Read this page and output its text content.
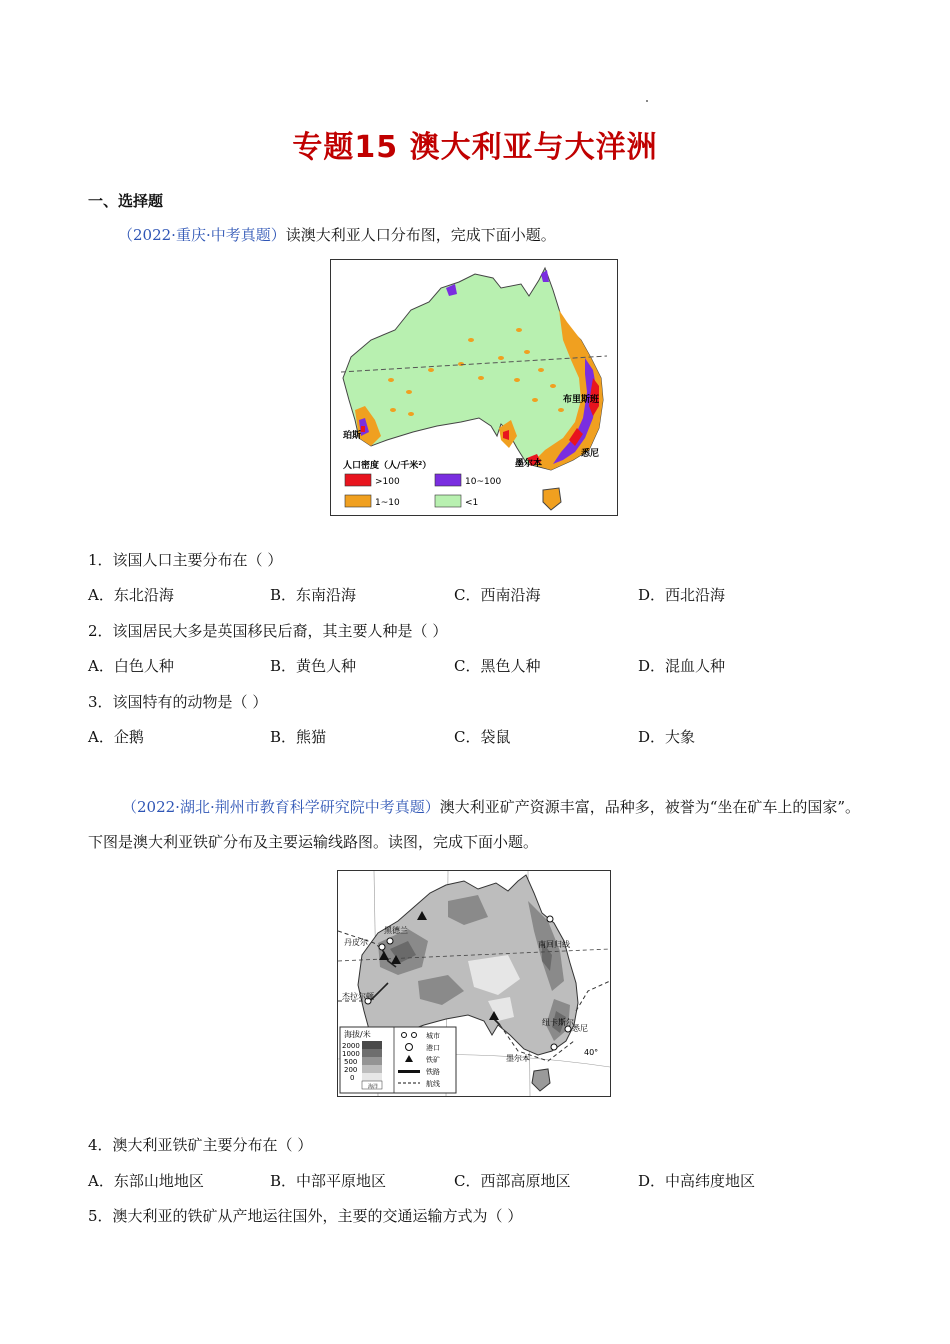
专题15 澳大利亚与大洋洲
一、选择题

（2022·重庆·中考真题）读澳大利亚人口分布图，完成下面小题。

布里斯班
珀斯
墨尔本
悉尼
人口密度（人/千米²）
>100	10~100
1~10	<1

1．该国人口主要分布在（ ）

A．东北沿海	B．东南沿海	C．西南沿海	D．西北沿海

2．该国居民大多是英国移民后裔，其主要人种是（ ）

A．白色人种	B．黄色人种	C．黑色人种	D．混血人种

3．该国特有的动物是（ ）

A．企鹅	B．熊猫	C．袋鼠	D．大象

（2022·湖北·荆州市教育科学研究院中考真题）澳大利亚矿产资源丰富，品种多，被誉为“坐在矿车上的国家”。下图是澳大利亚铁矿分布及主要运输线路图。读图，完成下面小题。

黑德兰
丹皮尔	南回归线
杰拉尔顿
纽卡斯尔
悉尼
墨尔本
40°
海拔/米
2000
1000
500
200
0
海洋
城市
港口
铁矿
铁路
航线

4．澳大利亚铁矿主要分布在（ ）

A．东部山地地区	B．中部平原地区	C．西部高原地区	D．中高纬度地区

5．澳大利亚的铁矿从产地运往国外，主要的交通运输方式为（ ）
